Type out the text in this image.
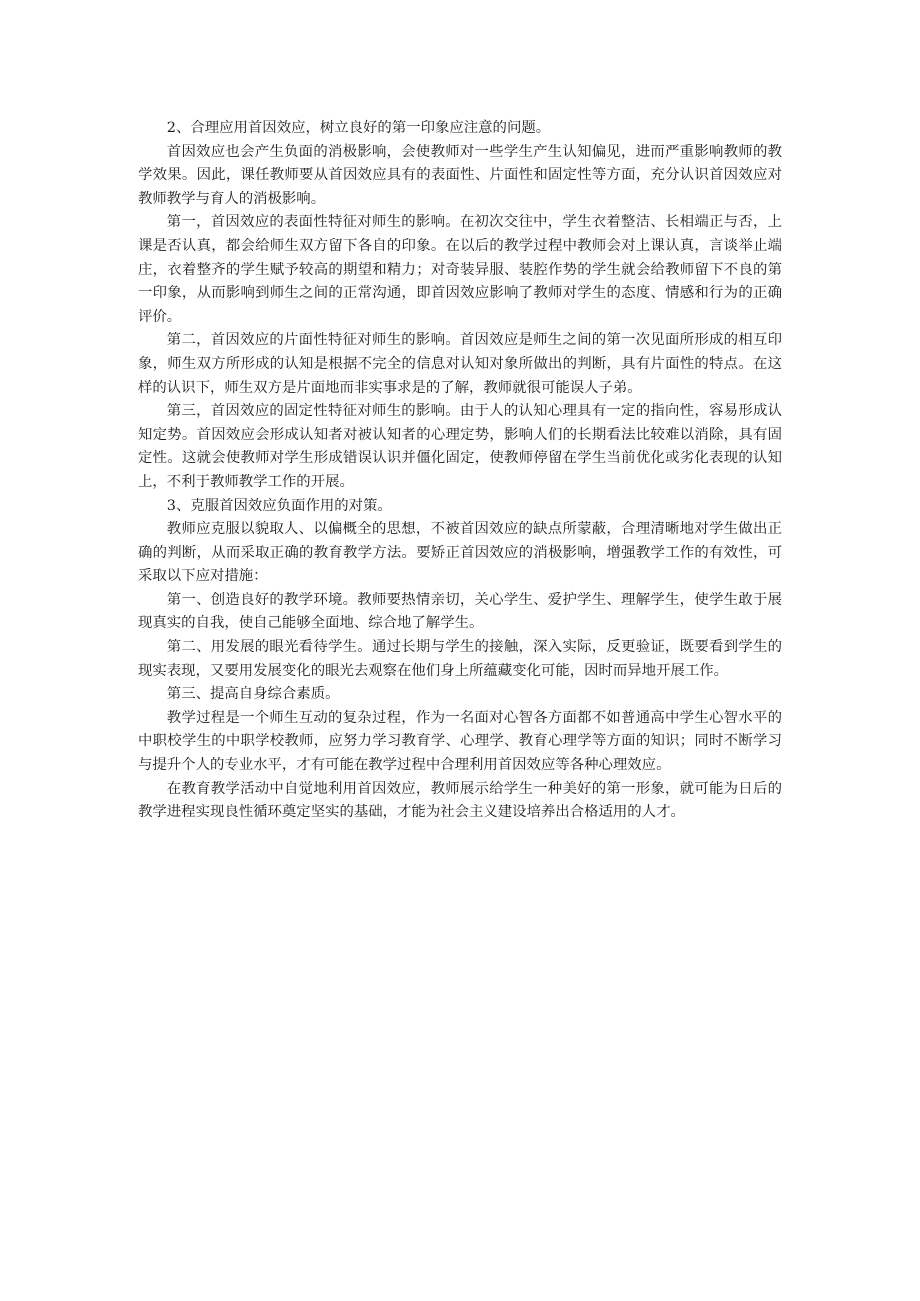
2、合理应用首因效应，树立良好的第一印象应注意的问题。

首因效应也会产生负面的消极影响，会使教师对一些学生产生认知偏见，进而严重影响教师的教学效果。因此，课任教师要从首因效应具有的表面性、片面性和固定性等方面，充分认识首因效应对教师教学与育人的消极影响。

第一，首因效应的表面性特征对师生的影响。在初次交往中，学生衣着整洁、长相端正与否，上课是否认真，都会给师生双方留下各自的印象。在以后的教学过程中教师会对上课认真，言谈举止端庄，衣着整齐的学生赋予较高的期望和精力；对奇装异服、装腔作势的学生就会给教师留下不良的第一印象，从而影响到师生之间的正常沟通，即首因效应影响了教师对学生的态度、情感和行为的正确评价。

第二，首因效应的片面性特征对师生的影响。首因效应是师生之间的第一次见面所形成的相互印象，师生双方所形成的认知是根据不完全的信息对认知对象所做出的判断，具有片面性的特点。在这样的认识下，师生双方是片面地而非实事求是的了解，教师就很可能误人子弟。

第三，首因效应的固定性特征对师生的影响。由于人的认知心理具有一定的指向性，容易形成认知定势。首因效应会形成认知者对被认知者的心理定势，影响人们的长期看法比较难以消除，具有固定性。这就会使教师对学生形成错误认识并僵化固定，使教师停留在学生当前优化或劣化表现的认知上，不利于教师教学工作的开展。

3、克服首因效应负面作用的对策。

教师应克服以貌取人、以偏概全的思想，不被首因效应的缺点所蒙蔽，合理清晰地对学生做出正确的判断，从而采取正确的教育教学方法。要矫正首因效应的消极影响，增强教学工作的有效性，可采取以下应对措施：

第一、创造良好的教学环境。教师要热情亲切，关心学生、爱护学生、理解学生，使学生敢于展现真实的自我，使自己能够全面地、综合地了解学生。

第二、用发展的眼光看待学生。通过长期与学生的接触，深入实际，反更验证，既要看到学生的现实表现，又要用发展变化的眼光去观察在他们身上所蕴藏变化可能，因时而异地开展工作。

第三、提高自身综合素质。

教学过程是一个师生互动的复杂过程，作为一名面对心智各方面都不如普通高中学生心智水平的中职校学生的中职学校教师，应努力学习教育学、心理学、教育心理学等方面的知识；同时不断学习与提升个人的专业水平，才有可能在教学过程中合理利用首因效应等各种心理效应。

在教育教学活动中自觉地利用首因效应，教师展示给学生一种美好的第一形象，就可能为日后的教学进程实现良性循环奠定坚实的基础，才能为社会主义建设培养出合格适用的人才。
